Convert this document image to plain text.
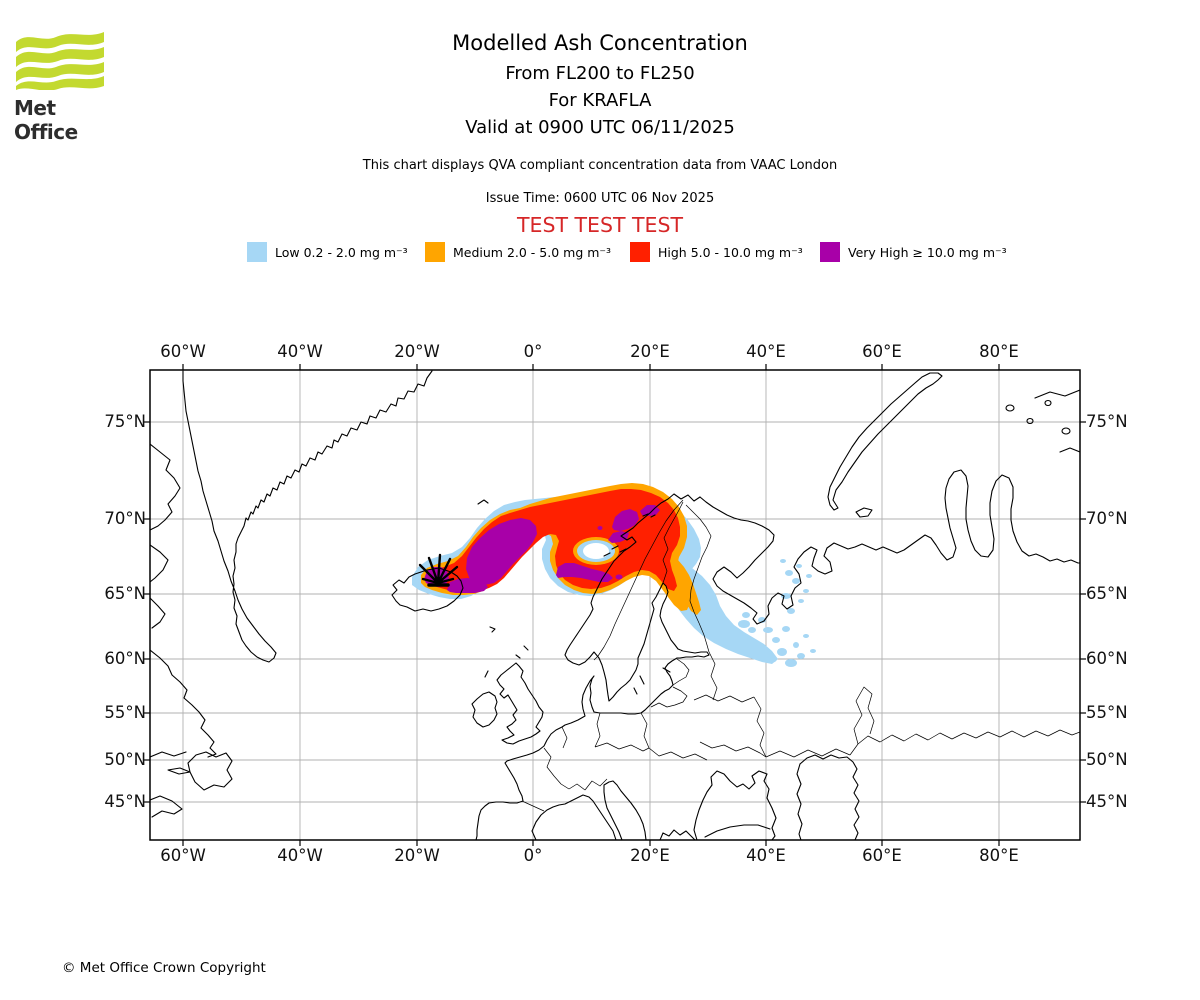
Met Office
Modelled Ash Concentration
From FL200 to FL250
For KRAFLA
Valid at 0900 UTC 06/11/2025
This chart displays QVA compliant concentration data from VAAC London
Issue Time: 0600 UTC 06 Nov 2025
TEST TEST TEST
Low 0.2 - 2.0 mg m⁻³	Medium 2.0 - 5.0 mg m⁻³	High 5.0 - 10.0 mg m⁻³	Very High ≥ 10.0 mg m⁻³
60°W
60°W
40°W
40°W
20°W
20°W
0°
0°
20°E
20°E
40°E
40°E
60°E
60°E
80°E
80°E
75°N	75°N
70°N	70°N
65°N	65°N
60°N	60°N
55°N	55°N
50°N	50°N
45°N	45°N
© Met Office Crown Copyright
